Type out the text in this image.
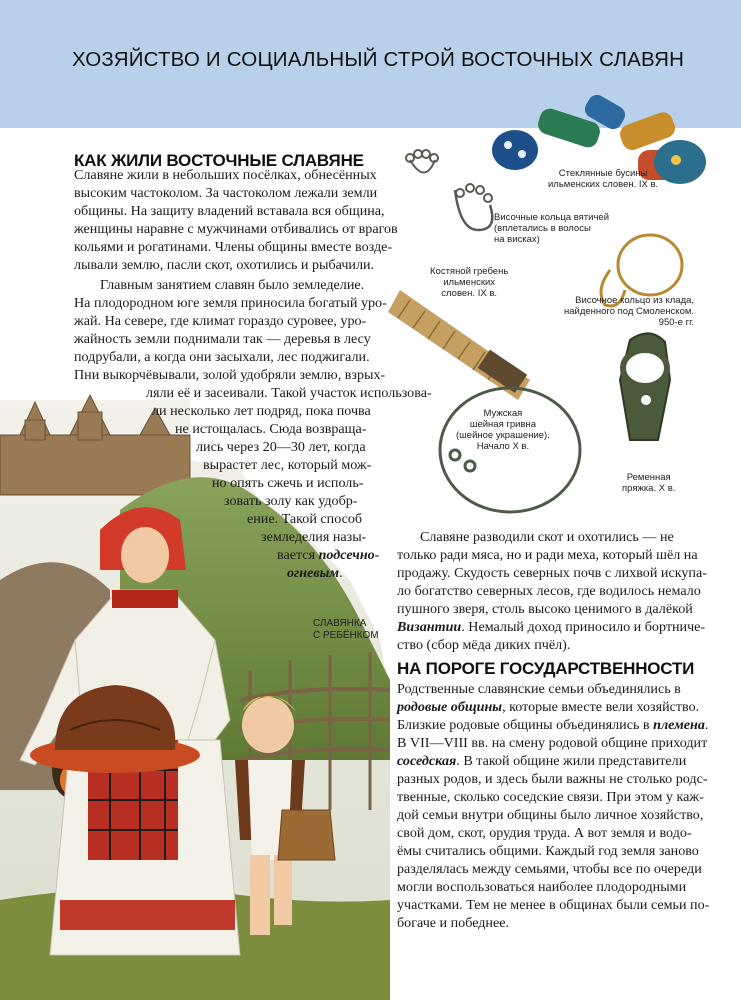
ХОЗЯЙСТВО И СОЦИАЛЬНЫЙ СТРОЙ ВОСТОЧНЫХ СЛАВЯН
КАК ЖИЛИ ВОСТОЧНЫЕ СЛАВЯНЕ
Славяне жили в небольших посёлках, обнесённых
высоким частоколом. За частоколом лежали земли
общины. На защиту владений вставала вся община,
женщины наравне с мужчинами отбивались от врагов
кольями и рогатинами. Члены общины вместе возде-
лывали землю, пасли скот, охотились и рыбачили.
Главным занятием славян было земледелие.
На плодородном юге земля приносила богатый уро-
жай. На севере, где климат гораздо суровее, уро-
жайность земли поднимали так — деревья в лесу
подрубали, а когда они засыхали, лес поджигали.
Пни выкорчёвывали, золой удобряли землю, взрых-
ляли её и засеивали. Такой участок использова-
ли несколько лет подряд, пока почва
не истощалась. Сюда возвраща-
лись через 20—30 лет, когда
вырастет лес, который мож-
но опять сжечь и исполь-
зовать золу как удобр-
ение. Такой способ
земледелия назы-
вается подсечно-
огневым.
Славяне разводили скот и охотились — не
только ради мяса, но и ради меха, который шёл на
продажу. Скудость северных почв с лихвой искупа-
ло богатство северных лесов, где водилось немало
пушного зверя, столь высоко ценимого в далёкой
Византии. Немалый доход приносило и бортниче-
ство (сбор мёда диких пчёл).
НА ПОРОГЕ ГОСУДАРСТВЕННОСТИ
Родственные славянские семьи объединялись в
родовые общины, которые вместе вели хозяйство.
Близкие родовые общины объединялись в племена.
В VII—VIII вв. на смену родовой общине приходит
соседская. В такой общине жили представители
разных родов, и здесь были важны не столько родс-
твенные, сколько соседские связи. При этом у каж-
дой семьи внутри общины было личное хозяйство,
свой дом, скот, орудия труда. А вот земля и водо-
ёмы считались общими. Каждый год земля заново
разделялась между семьями, чтобы все по очереди
могли воспользоваться наиболее плодородными
участками. Тем не менее в общинах были семьи по-
богаче и победнее.
Стеклянные бусины
ильменских словен. IX в.
Височные кольца вятичей
(вплетались в волосы
на висках)
Костяной гребень
ильменских
словен. IX в.
Височное кольцо из клада,
найденного под Смоленском.
950-е гг.
Мужская
шейная гривна
(шейное украшение).
Начало X в.
Ременная
пряжка. X в.
СЛАВЯНКА
С РЕБЁНКОМ
